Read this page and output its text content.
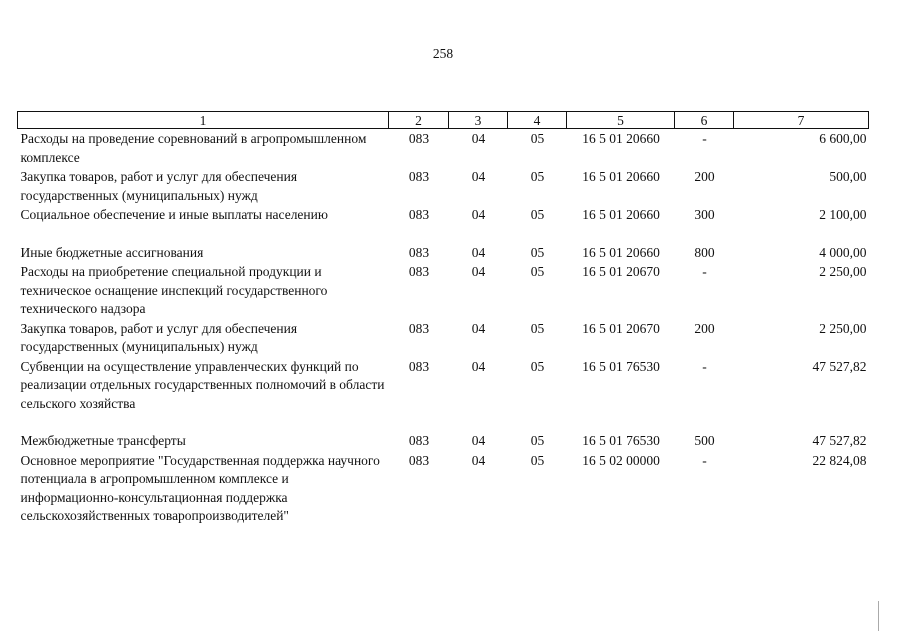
258
1	2	3	4	5	6	7
Расходы на проведение соревнований в агропромышленном комплексе	083	04	05	16 5 01 20660	-	6 600,00
Закупка товаров, работ и услуг для обеспечения государственных (муниципальных) нужд	083	04	05	16 5 01 20660	200	500,00
Социальное обеспечение и иные выплаты населению	083	04	05	16 5 01 20660	300	2 100,00
Иные бюджетные ассигнования	083	04	05	16 5 01 20660	800	4 000,00
Расходы на приобретение специальной продукции и техническое оснащение инспекций государственного технического надзора	083	04	05	16 5 01 20670	-	2 250,00
Закупка товаров, работ и услуг для обеспечения государственных (муниципальных) нужд	083	04	05	16 5 01 20670	200	2 250,00
Субвенции на осуществление управленческих функций по реализации отдельных государственных полномочий в области сельского хозяйства	083	04	05	16 5 01 76530	-	47 527,82
Межбюджетные трансферты	083	04	05	16 5 01 76530	500	47 527,82
Основное мероприятие "Государственная поддержка научного потенциала в агропромышленном комплексе и информационно-консультационная поддержка сельскохозяйственных товаропроизводителей"	083	04	05	16 5 02 00000	-	22 824,08
